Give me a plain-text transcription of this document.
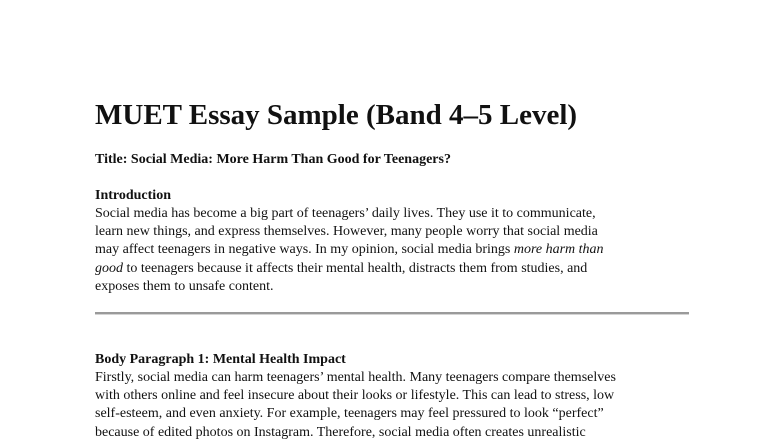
MUET Essay Sample (Band 4–5 Level)

Title: Social Media: More Harm Than Good for Teenagers?

Introduction

Social media has become a big part of teenagers’ daily lives. They use it to communicate,
learn new things, and express themselves. However, many people worry that social media
may affect teenagers in negative ways. In my opinion, social media brings more harm than
good to teenagers because it affects their mental health, distracts them from studies, and
exposes them to unsafe content.

Body Paragraph 1: Mental Health Impact

Firstly, social media can harm teenagers’ mental health. Many teenagers compare themselves
with others online and feel insecure about their looks or lifestyle. This can lead to stress, low
self-esteem, and even anxiety. For example, teenagers may feel pressured to look “perfect”
because of edited photos on Instagram. Therefore, social media often creates unrealistic
